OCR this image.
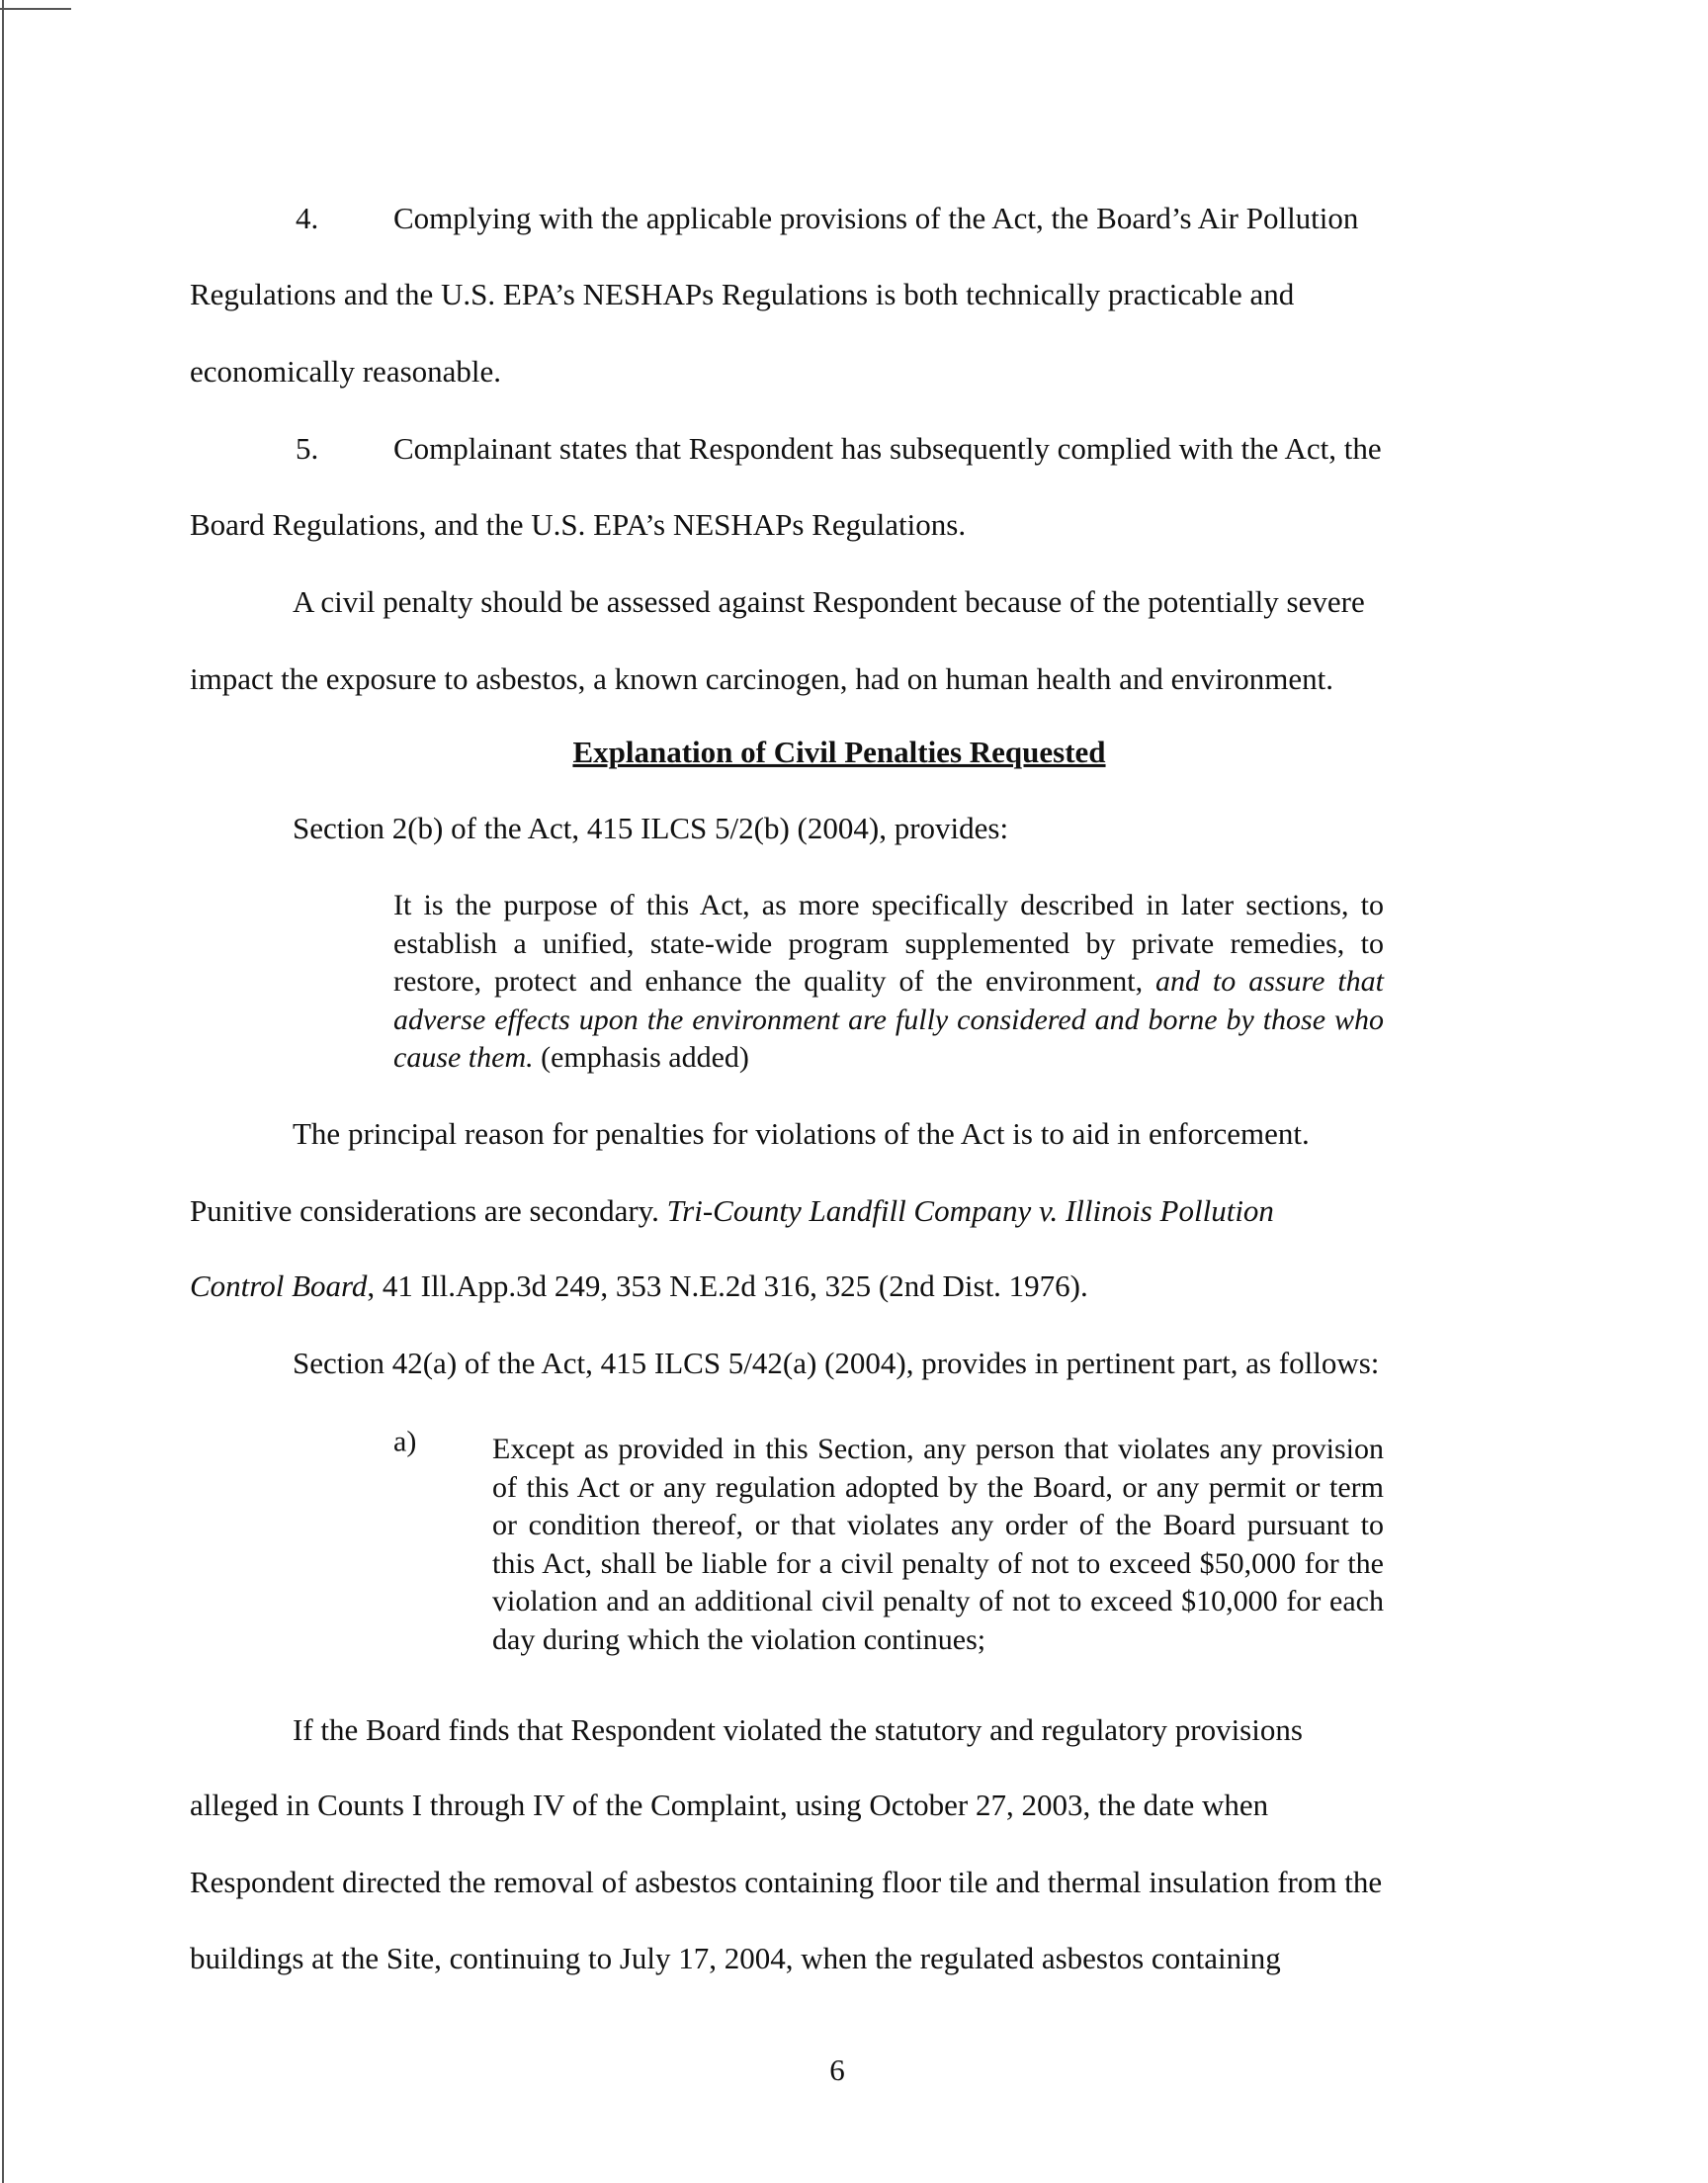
4. Complying with the applicable provisions of the Act, the Board’s Air Pollution
Regulations and the U.S. EPA’s NESHAPs Regulations is both technically practicable and
economically reasonable.
5. Complainant states that Respondent has subsequently complied with the Act, the
Board Regulations, and the U.S. EPA’s NESHAPs Regulations.
A civil penalty should be assessed against Respondent because of the potentially severe
impact the exposure to asbestos, a known carcinogen, had on human health and environment.
Explanation of Civil Penalties Requested
Section 2(b) of the Act, 415 ILCS 5/2(b) (2004), provides:
It is the purpose of this Act, as more specifically described in later sections, to establish a unified, state-wide program supplemented by private remedies, to restore, protect and enhance the quality of the environment, and to assure that adverse effects upon the environment are fully considered and borne by those who cause them. (emphasis added)
The principal reason for penalties for violations of the Act is to aid in enforcement.
Punitive considerations are secondary. Tri-County Landfill Company v. Illinois Pollution
Control Board, 41 Ill.App.3d 249, 353 N.E.2d 316, 325 (2nd Dist. 1976).
Section 42(a) of the Act, 415 ILCS 5/42(a) (2004), provides in pertinent part, as follows:
a)	Except as provided in this Section, any person that violates any provision of this Act or any regulation adopted by the Board, or any permit or term or condition thereof, or that violates any order of the Board pursuant to this Act, shall be liable for a civil penalty of not to exceed $50,000 for the violation and an additional civil penalty of not to exceed $10,000 for each day during which the violation continues;
If the Board finds that Respondent violated the statutory and regulatory provisions
alleged in Counts I through IV of the Complaint, using October 27, 2003, the date when
Respondent directed the removal of asbestos containing floor tile and thermal insulation from the
buildings at the Site, continuing to July 17, 2004, when the regulated asbestos containing
6
